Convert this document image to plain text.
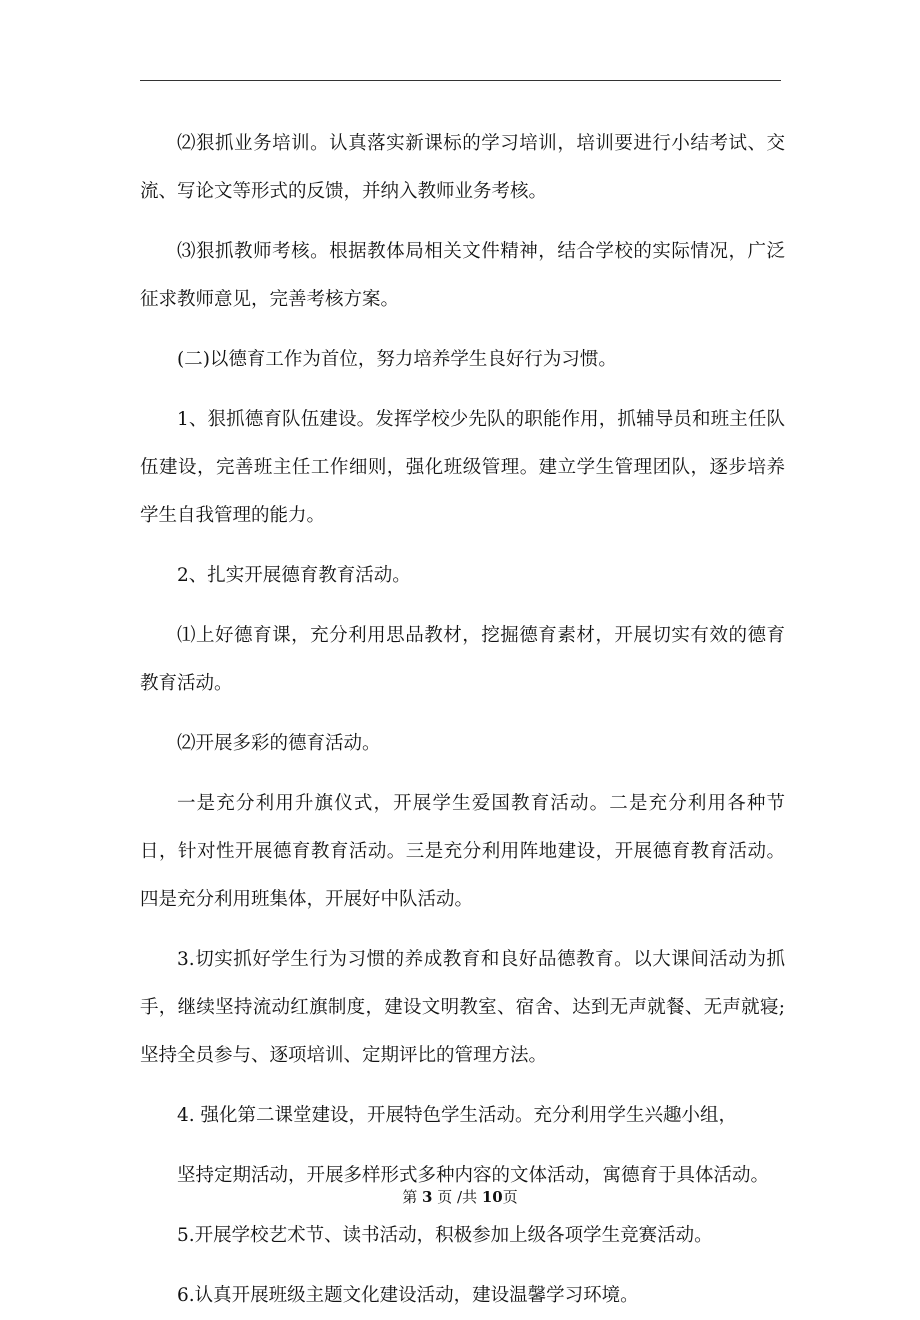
⑵狠抓业务培训。认真落实新课标的学习培训，培训要进行小结考试、交流、写论文等形式的反馈，并纳入教师业务考核。

⑶狠抓教师考核。根据教体局相关文件精神，结合学校的实际情况，广泛征求教师意见，完善考核方案。

(二)以德育工作为首位，努力培养学生良好行为习惯。

1、狠抓德育队伍建设。发挥学校少先队的职能作用，抓辅导员和班主任队伍建设，完善班主任工作细则，强化班级管理。建立学生管理团队，逐步培养学生自我管理的能力。

2、扎实开展德育教育活动。

⑴上好德育课，充分利用思品教材，挖掘德育素材，开展切实有效的德育教育活动。

⑵开展多彩的德育活动。

一是充分利用升旗仪式，开展学生爱国教育活动。二是充分利用各种节日，针对性开展德育教育活动。三是充分利用阵地建设，开展德育教育活动。四是充分利用班集体，开展好中队活动。

3.切实抓好学生行为习惯的养成教育和良好品德教育。以大课间活动为抓手，继续坚持流动红旗制度，建设文明教室、宿舍、达到无声就餐、无声就寝;坚持全员参与、逐项培训、定期评比的管理方法。

4. 强化第二课堂建设，开展特色学生活动。充分利用学生兴趣小组，

坚持定期活动，开展多样形式多种内容的文体活动，寓德育于具体活动。

5.开展学校艺术节、读书活动，积极参加上级各项学生竞赛活动。

6.认真开展班级主题文化建设活动，建设温馨学习环境。

第 3 页 /共 10页
